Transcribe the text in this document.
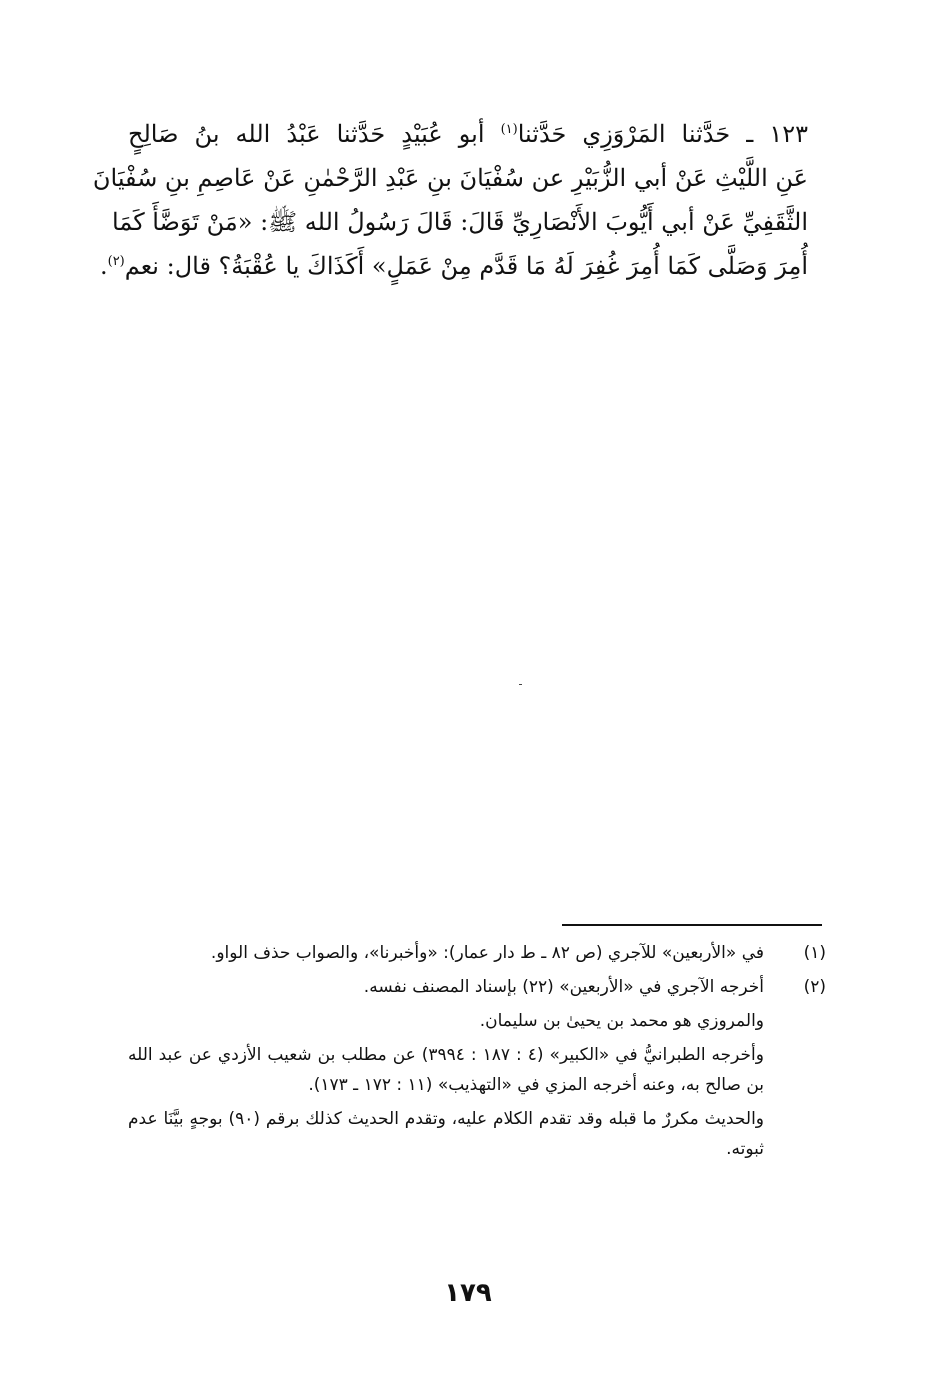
١٢٣ ـ حَدَّثنا المَرْوَزِي حَدَّثنا$^{(١)}$ أبو عُبَيْدٍ حَدَّثنا عَبْدُ الله بنُ صَالِحٍ
عَنِ اللَّيْثِ عَنْ أبي الزُّبَيْرِ عن سُفْيَانَ بنِ عَبْدِ الرَّحْمٰنِ عَنْ عَاصِمِ بنِ سُفْيَانَ
الثَّقَفِيِّ عَنْ أبي أَيُّوبَ الأَنْصَارِيِّ قَالَ: قَالَ رَسُولُ الله ﷺ: «مَنْ تَوَضَّأَ كَمَا
أُمِرَ وَصَلَّى كَمَا أُمِرَ غُفِرَ لَهُ مَا قَدَّم مِنْ عَمَلٍ» أَكَذَاكَ يا عُقْبَةُ؟ قال: نعم$^{(٢)}$.
(١)
في «الأربعين» للآجري (ص ٨٢ ـ ط دار عمار): «وأخبرنا»، والصواب حذف الواو.
(٢)
أخرجه الآجري في «الأربعين» (٢٢) بإسناد المصنف نفسه.
والمروزي هو محمد بن يحيىٰ بن سليمان.
وأخرجه الطبرانيُّ في «الكبير» (٤ : ١٨٧ : ٣٩٩٤) عن مطلب بن شعيب الأزدي عن عبد الله بن صالح به، وعنه أخرجه المزي في «التهذيب» (١١ : ١٧٢ ـ ١٧٣).
والحديث مكررٌ ما قبله وقد تقدم الكلام عليه، وتقدم الحديث كذلك برقم (٩٠) بوجهٍ بيَّنَا عدم ثبوته.
١٧٩
